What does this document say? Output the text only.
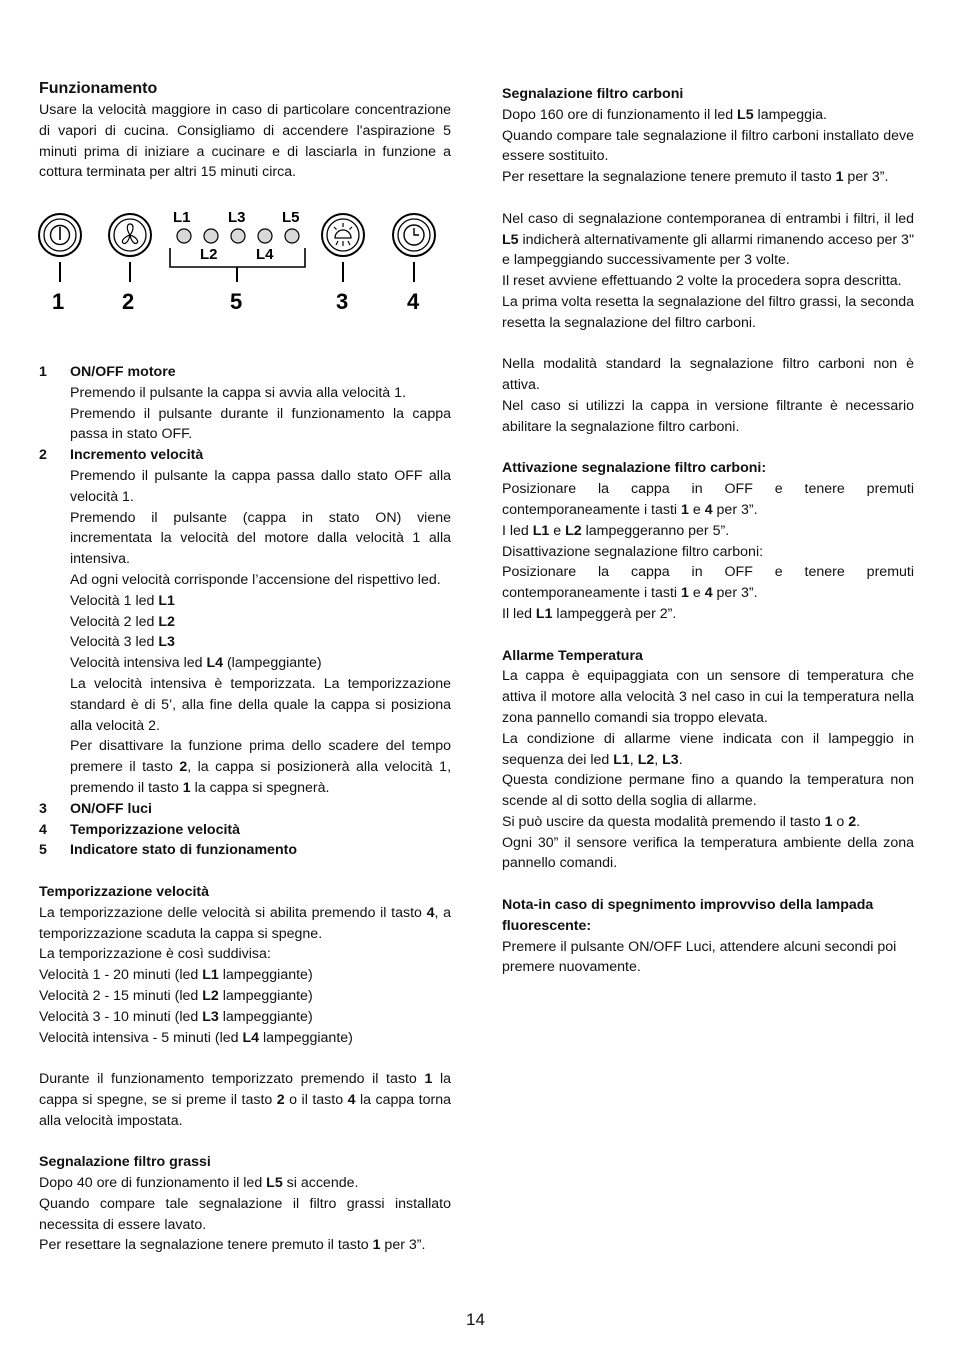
Funzionamento

Usare la velocità maggiore in caso di particolare concentrazione di vapori di cucina. Consigliamo di accendere l'aspirazione 5 minuti prima di iniziare a cucinare e di lasciarla in funzione a cottura terminata per altri 15 minuti circa.

L1 L3 L5
L2	L4
1	2	5	3	4
1 ON/OFF motore

Premendo il pulsante la cappa si avvia alla velocità 1.

Premendo il pulsante durante il funzionamento la cappa passa in stato OFF.

2 Incremento velocità

Premendo il pulsante la cappa passa dallo stato OFF alla velocità 1.

Premendo il pulsante (cappa in stato ON) viene incrementata la velocità del motore dalla velocità 1 alla intensiva.

Ad ogni velocità corrisponde l’accensione del rispettivo led.

Velocità 1 led L1

Velocità 2 led L2

Velocità 3 led L3

Velocità intensiva led L4 (lampeggiante)

La velocità intensiva è temporizzata. La temporizzazione standard è di 5’, alla fine della quale la cappa si posiziona alla velocità 2.

Per disattivare la funzione prima dello scadere del tempo premere il tasto 2, la cappa si posizionerà alla velocità 1, premendo il tasto 1 la cappa si spegnerà.

3 ON/OFF luci
4 Temporizzazione velocità
5 Indicatore stato di funzionamento

Temporizzazione velocità

La temporizzazione delle velocità si abilita premendo il tasto 4, a temporizzazione scaduta la cappa si spegne.

La temporizzazione è così suddivisa:

Velocità 1 - 20 minuti (led L1 lampeggiante)

Velocità 2 - 15 minuti (led L2 lampeggiante)

Velocità 3 - 10 minuti (led L3 lampeggiante)

Velocità intensiva - 5 minuti (led L4 lampeggiante)

Durante il funzionamento temporizzato premendo il tasto 1 la cappa si spegne, se si preme il tasto 2 o il tasto 4 la cappa torna alla velocità impostata.

Segnalazione filtro grassi

Dopo 40 ore di funzionamento il led L5 si accende.

Quando compare tale segnalazione il filtro grassi installato necessita di essere lavato.

Per resettare la segnalazione tenere premuto il tasto 1 per 3”.

Segnalazione filtro carboni

Dopo 160 ore di funzionamento il led L5 lampeggia.

Quando compare tale segnalazione il filtro carboni installato deve essere sostituito.

Per resettare la segnalazione tenere premuto il tasto 1 per 3”.

Nel caso di segnalazione contemporanea di entrambi i filtri, il led L5 indicherà alternativamente gli allarmi rimanendo acceso per 3" e lampeggiando successivamente per 3 volte.

Il reset avviene effettuando 2 volte la procedera sopra descritta.

La prima volta resetta la segnalazione del filtro grassi, la seconda resetta la segnalazione del filtro carboni.

Nella modalità standard la segnalazione filtro carboni non è attiva.

Nel caso si utilizzi la cappa in versione filtrante è necessario abilitare la segnalazione filtro carboni.

Attivazione segnalazione filtro carboni:

Posizionare la cappa in OFF e tenere premuti contemporaneamente i tasti 1 e 4 per 3”.

I led L1 e L2 lampeggeranno per 5”.

Disattivazione segnalazione filtro carboni:

Posizionare la cappa in OFF e tenere premuti contemporaneamente i tasti 1 e 4 per 3”.

Il led L1 lampeggerà per 2”.

Allarme Temperatura

La cappa è equipaggiata con un sensore di temperatura che attiva il motore alla velocità 3 nel caso in cui la temperatura nella zona pannello comandi sia troppo elevata.

La condizione di allarme viene indicata con il lampeggio in sequenza dei led L1, L2, L3.

Questa condizione permane fino a quando la temperatura non scende al di sotto della soglia di allarme.

Si può uscire da questa modalità premendo il tasto 1 o 2.

Ogni 30” il sensore verifica la temperatura ambiente della zona pannello comandi.

Nota-in caso di spegnimento improvviso della lampada fluorescente:

Premere il pulsante ON/OFF Luci, attendere alcuni secondi poi premere nuovamente.

14
